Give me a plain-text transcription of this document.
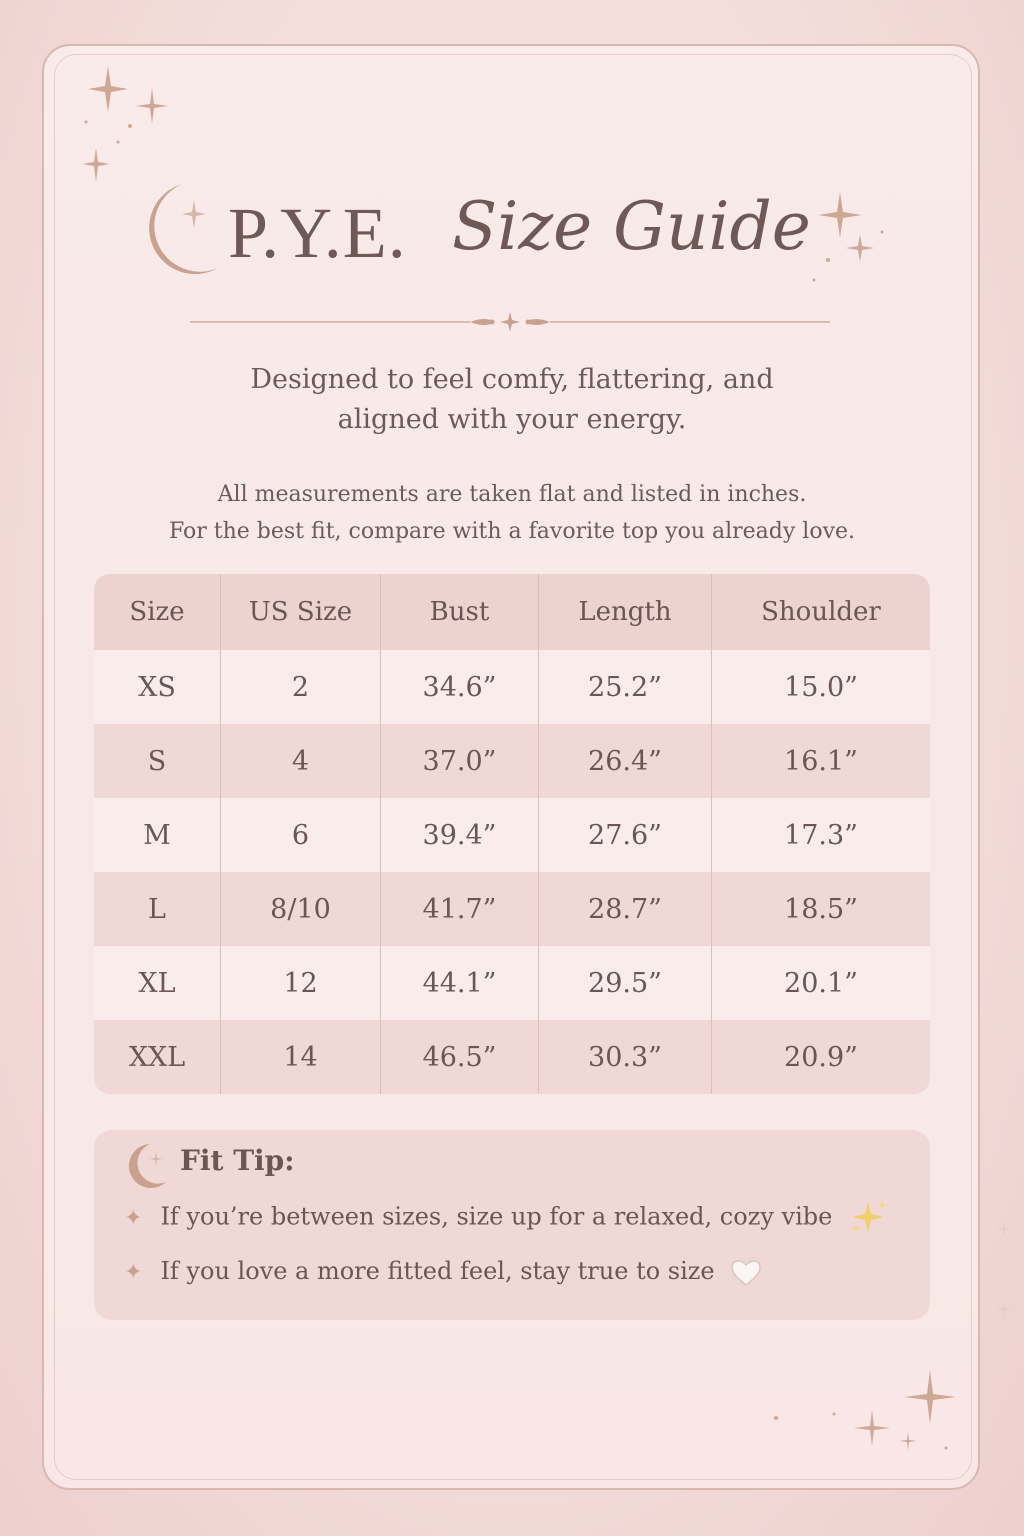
P.Y.E. Size Guide
Designed to feel comfy, flattering, and
aligned with your energy.
All measurements are taken flat and listed in inches.
For the best fit, compare with a favorite top you already love.
Size	US Size	Bust	Length	Shoulder
XS	2	34.6”	25.2”	15.0”
S	4	37.0”	26.4”	16.1”
M	6	39.4”	27.6”	17.3”
L	8/10	41.7”	28.7”	18.5”
XL	12	44.1”	29.5”	20.1”
XXL	14	46.5”	30.3”	20.9”
Fit Tip:
✦ If you’re between sizes, size up for a relaxed, cozy vibe
✦ If you love a more fitted feel, stay true to size
